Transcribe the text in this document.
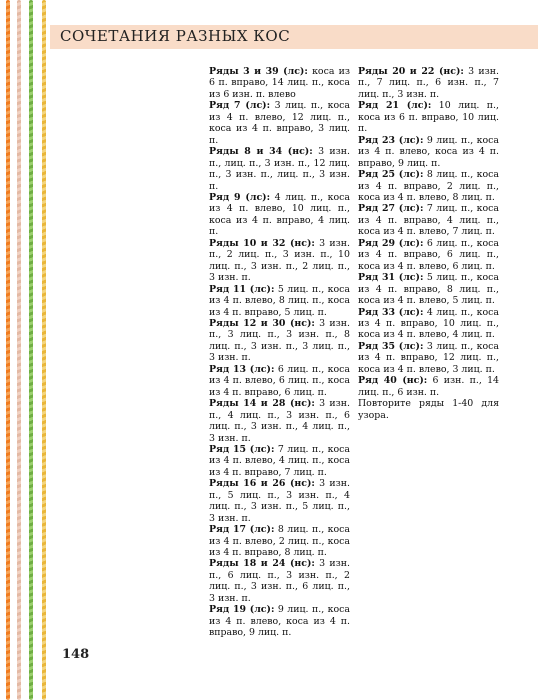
СОЧЕТАНИЯ РАЗНЫХ КОС
Ряды 3 и 39 (лс): коса из 6 п. вправо, 14 лиц. п., коса из 6 изн. п. влево
Ряд 7 (лс): 3 лиц. п., коса из 4 п. влево, 12 лиц. п., коса из 4 п. вправо, 3 лиц. п.
Ряды 8 и 34 (нс): 3 изн. п., лиц. п., 3 изн. п., 12 лиц. п., 3 изн. п., лиц. п., 3 изн. п.
Ряд 9 (лс): 4 лиц. п., коса из 4 п. влево, 10 лиц. п., коса из 4 п. вправо, 4 лиц. п.
Ряды 10 и 32 (нс): 3 изн. п., 2 лиц. п., 3 изн. п., 10 лиц. п., 3 изн. п., 2 лиц. п., 3 изн. п.
Ряд 11 (лс): 5 лиц. п., коса из 4 п. влево, 8 лиц. п., коса из 4 п. вправо, 5 лиц. п.
Ряды 12 и 30 (нс): 3 изн. п., 3 лиц. п., 3 изн. п., 8 лиц. п., 3 изн. п., 3 лиц. п., 3 изн. п.
Ряд 13 (лс): 6 лиц. п., коса из 4 п. влево, 6 лиц. п., коса из 4 п. вправо, 6 лиц. п.
Ряды 14 и 28 (нс): 3 изн. п., 4 лиц. п., 3 изн. п., 6 лиц. п., 3 изн. п., 4 лиц. п., 3 изн. п.
Ряд 15 (лс): 7 лиц. п., коса из 4 п. влево, 4 лиц. п., коса из 4 п. вправо, 7 лиц. п.
Ряды 16 и 26 (нс): 3 изн. п., 5 лиц. п., 3 изн. п., 4 лиц. п., 3 изн. п., 5 лиц. п., 3 изн. п.
Ряд 17 (лс): 8 лиц. п., коса из 4 п. влево, 2 лиц. п., коса из 4 п. вправо, 8 лиц. п.
Ряды 18 и 24 (нс): 3 изн. п., 6 лиц. п., 3 изн. п., 2 лиц. п., 3 изн. п., 6 лиц. п., 3 изн. п.
Ряд 19 (лс): 9 лиц. п., коса из 4 п. влево, коса из 4 п. вправо, 9 лиц. п.
Ряды 20 и 22 (нс): 3 изн. п., 7 лиц. п., 6 изн. п., 7 лиц. п., 3 изн. п.
Ряд 21 (лс): 10 лиц. п., коса из 6 п. вправо, 10 лиц. п.
Ряд 23 (лс): 9 лиц. п., коса из 4 п. влево, коса из 4 п. вправо, 9 лиц. п.
Ряд 25 (лс): 8 лиц. п., коса из 4 п. вправо, 2 лиц. п., коса из 4 п. влево, 8 лиц. п.
Ряд 27 (лс): 7 лиц. п., коса из 4 п. вправо, 4 лиц. п., коса из 4 п. влево, 7 лиц. п.
Ряд 29 (лс): 6 лиц. п., коса из 4 п. вправо, 6 лиц. п., коса из 4 п. влево, 6 лиц. п.
Ряд 31 (лс): 5 лиц. п., коса из 4 п. вправо, 8 лиц. п., коса из 4 п. влево, 5 лиц. п.
Ряд 33 (лс): 4 лиц. п., коса из 4 п. вправо, 10 лиц. п., коса из 4 п. влево, 4 лиц. п.
Ряд 35 (лс): 3 лиц. п., коса из 4 п. вправо, 12 лиц. п., коса из 4 п. влево, 3 лиц. п.
Ряд 40 (нс): 6 изн. п., 14 лиц. п., 6 изн. п.
Повторите ряды 1-40 для узора.
148
